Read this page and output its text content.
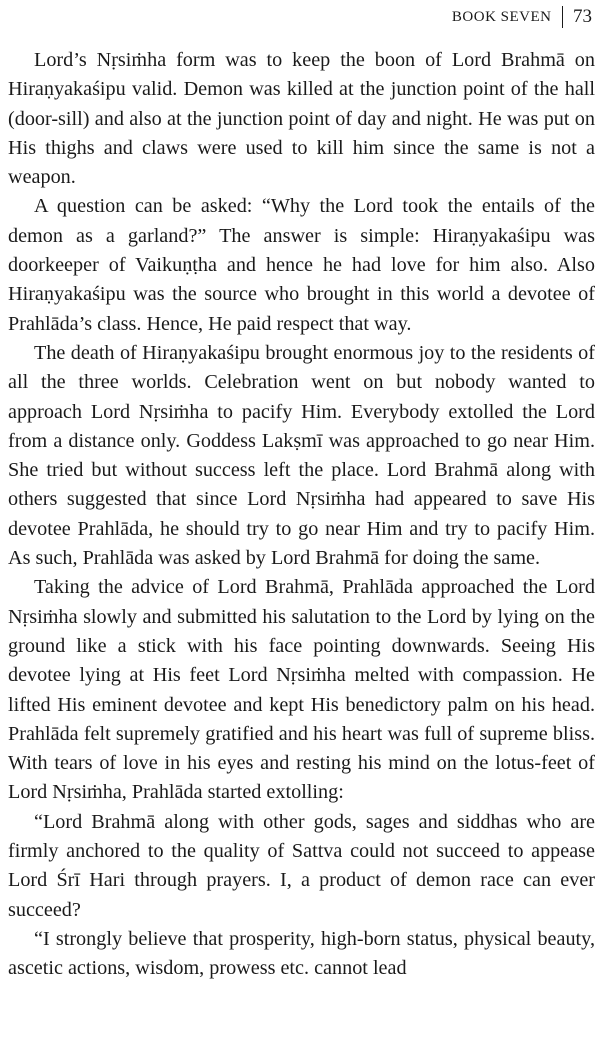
BOOK SEVEN 73

Lord’s Nṛsiṁha form was to keep the boon of Lord Brahmā on Hiraṇyakaśipu valid. Demon was killed at the junction point of the hall (door-sill) and also at the junction point of day and night. He was put on His thighs and claws were used to kill him since the same is not a weapon.

A question can be asked: “Why the Lord took the entails of the demon as a garland?” The answer is simple: Hiraṇyakaśipu was doorkeeper of Vaikuṇṭha and hence he had love for him also. Also Hiraṇyakaśipu was the source who brought in this world a devotee of Prahlāda’s class. Hence, He paid respect that way.

The death of Hiraṇyakaśipu brought enormous joy to the residents of all the three worlds. Celebration went on but nobody wanted to approach Lord Nṛsiṁha to pacify Him. Everybody extolled the Lord from a distance only. Goddess Lakṣmī was approached to go near Him. She tried but without success left the place. Lord Brahmā along with others suggested that since Lord Nṛsiṁha had appeared to save His devotee Prahlāda, he should try to go near Him and try to pacify Him. As such, Prahlāda was asked by Lord Brahmā for doing the same.

Taking the advice of Lord Brahmā, Prahlāda approached the Lord Nṛsiṁha slowly and submitted his salutation to the Lord by lying on the ground like a stick with his face pointing downwards. Seeing His devotee lying at His feet Lord Nṛsiṁha melted with compassion. He lifted His eminent devotee and kept His benedictory palm on his head. Prahlāda felt supremely gratified and his heart was full of supreme bliss. With tears of love in his eyes and resting his mind on the lotus-feet of Lord Nṛsiṁha, Prahlāda started extolling:

“Lord Brahmā along with other gods, sages and siddhas who are firmly anchored to the quality of Sattva could not succeed to appease Lord Śrī Hari through prayers. I, a product of demon race can ever succeed?

“I strongly believe that prosperity, high-born status, physical beauty, ascetic actions, wisdom, prowess etc. cannot lead
